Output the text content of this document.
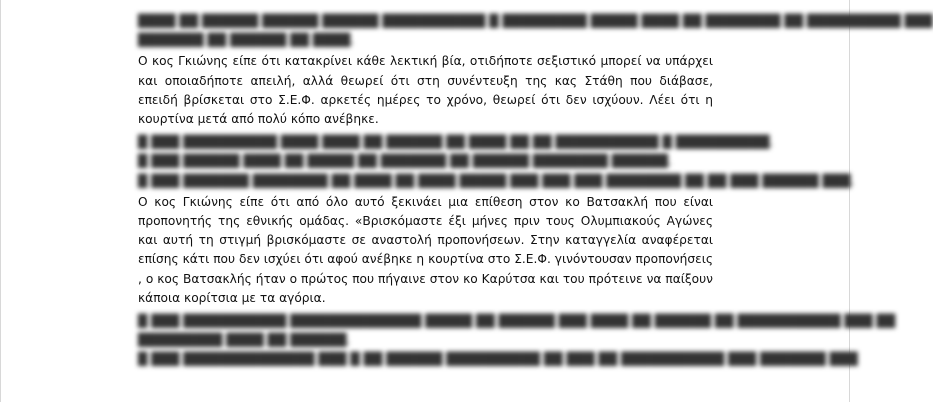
████ ██ ██████ ██████ ██████ ███████████ █ █████████ █████ ████ ██ ████████ ██ ██████████ ███
███████ ██ ██████ ██ ████.

Ο κος Γκιώνης είπε ότι κατακρίνει κάθε λεκτική βία, οτιδήποτε σεξιστικό μπορεί να υπάρχει και οποιαδήποτε απειλή, αλλά θεωρεί ότι στη συνέντευξη της κας Στάθη που διάβασε, επειδή βρίσκεται στο Σ.Ε.Φ. αρκετές ημέρες το χρόνο, θεωρεί ότι δεν ισχύουν. Λέει ότι η κουρτίνα μετά από πολύ κόπο ανέβηκε.

█ ███ ██████████ ████ ████ ██ ██████ ██ ████ ██ ██ ███████████ █ ██████████.
█ ███ ██████ ████ ██ █████ ██ ███████ ██ ██████ ████████ ██████.
█ ███ ███████ ████████ ██ ████ ██ ████ █████ ███ ███ ███ ████████ ██ ██ ███ ██████ ███.

Ο κος Γκιώνης είπε ότι από όλο αυτό ξεκινάει μια επίθεση στον κο Βατσακλή που είναι προπονητής της εθνικής ομάδας. «Βρισκόμαστε έξι μήνες πριν τους Ολυμπιακούς Αγώνες και αυτή τη στιγμή βρισκόμαστε σε αναστολή προπονήσεων. Στην καταγγελία αναφέρεται επίσης κάτι που δεν ισχύει ότι αφού ανέβηκε η κουρτίνα στο Σ.Ε.Φ. γινόντουσαν προπονήσεις , ο κος Βατσακλής ήταν ο πρώτος που πήγαινε στον κο Καρύτσα και του πρότεινε να παίξουν κάποια κορίτσια με τα αγόρια.

█ ███ ███████████ ██████████████ █████ ██ ██████ ███ ████ ██ ██████ ██ ███████████ ███ ██
█████████ ████ ██ ██████.
█ ███ ██████████████ ███ █ ██ ██████ ██████████ ██ ███ ██ ███████████ ███ ███████ ███
